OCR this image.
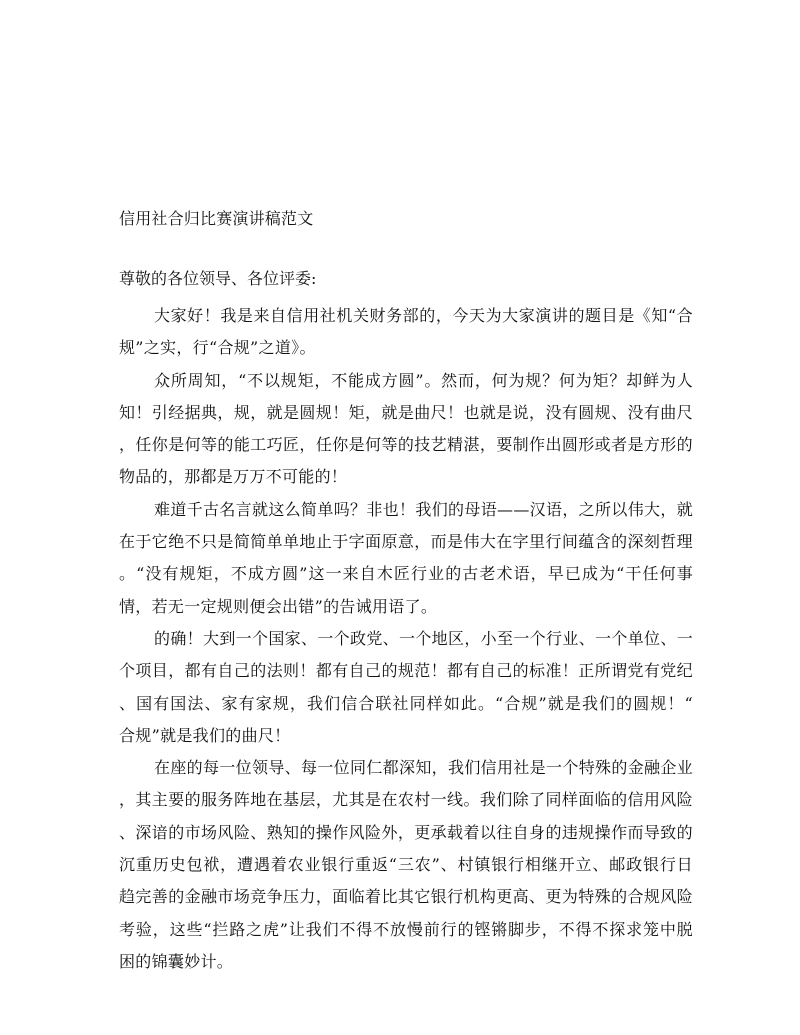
信用社合归比赛演讲稿范文
尊敬的各位领导、各位评委:
大家好！我是来自信用社机关财务部的，今天为大家演讲的题目是《知“合
规”之实，行“合规”之道》。
众所周知，“不以规矩，不能成方圆”。然而，何为规？何为矩？却鲜为人
知！引经据典，规，就是圆规！矩，就是曲尺！也就是说，没有圆规、没有曲尺
，任你是何等的能工巧匠，任你是何等的技艺精湛，要制作出圆形或者是方形的
物品的，那都是万万不可能的！
难道千古名言就这么简单吗？非也！我们的母语——汉语，之所以伟大，就
在于它绝不只是简简单单地止于字面原意，而是伟大在字里行间蕴含的深刻哲理
。“没有规矩，不成方圆”这一来自木匠行业的古老术语，早已成为“干任何事
情，若无一定规则便会出错”的告诫用语了。
的确！大到一个国家、一个政党、一个地区，小至一个行业、一个单位、一
个项目，都有自己的法则！都有自己的规范！都有自己的标准！正所谓党有党纪
、国有国法、家有家规，我们信合联社同样如此。“合规”就是我们的圆规！“
合规”就是我们的曲尺！
在座的每一位领导、每一位同仁都深知，我们信用社是一个特殊的金融企业
，其主要的服务阵地在基层，尤其是在农村一线。我们除了同样面临的信用风险
、深谙的市场风险、熟知的操作风险外，更承载着以往自身的违规操作而导致的
沉重历史包袱，遭遇着农业银行重返“三农”、村镇银行相继开立、邮政银行日
趋完善的金融市场竞争压力，面临着比其它银行机构更高、更为特殊的合规风险
考验，这些“拦路之虎”让我们不得不放慢前行的铿锵脚步，不得不探求笼中脱
困的锦囊妙计。
